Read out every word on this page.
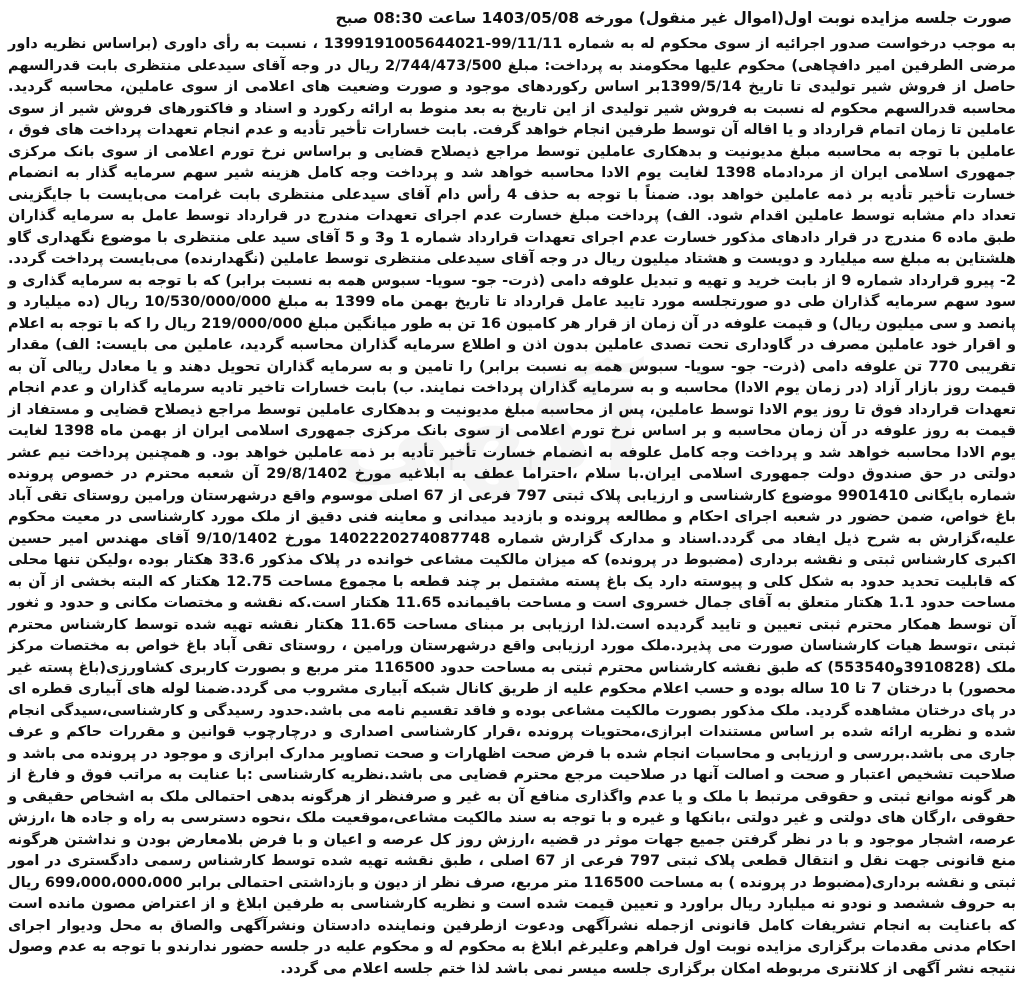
صورت جلسه مزایده نوبت اول(اموال غیر منقول) مورخه 1403/05/08 ساعت 08:30 صبح

به موجب درخواست صدور اجرائیه از سوی محکوم له به شماره 139919100564402‪1‬-99/11/11 ، نسبت به رأی داوری (براساس نظریه داور مرضی الطرفین امیر دافچاهی) محکوم علیها محکومند به پرداخت: مبلغ 2/744/473/500 ریال در وجه آقای سیدعلی منتظری بابت قدرالسهم حاصل از فروش شیر تولیدی تا تاریخ 1399/5/14بر اساس رکوردهای موجود و صورت وضعیت های اعلامی از سوی عاملین، محاسبه گردید. محاسبه قدرالسهم محکوم له نسبت به فروش شیر تولیدی از این تاریخ به بعد منوط به ارائه رکورد و اسناد و فاکتورهای فروش شیر از سوی عاملین تا زمان اتمام قرارداد و یا اقاله آن توسط طرفین انجام خواهد گرفت. بابت خسارات تأخیر تأدیه و عدم انجام تعهدات پرداخت های فوق ، عاملین با توجه به محاسبه مبلغ مدیونیت و بدهکاری عاملین توسط مراجع ذیصلاح قضایی و براساس نرخ تورم اعلامی از سوی بانک مرکزی جمهوری اسلامی ایران از مردادماه 1398 لغایت یوم الادا محاسبه خواهد شد و پرداخت وجه کامل هزینه شیر سهم سرمایه گذار به انضمام خسارت تأخیر تأدیه بر ذمه عاملین خواهد بود. ضمناً با توجه به حذف 4 رأس دام آقای سیدعلی منتظری بابت غرامت می‌بایست با جایگزینی تعداد دام مشابه توسط عاملین اقدام شود. الف) پرداخت مبلغ خسارت عدم اجرای تعهدات مندرج در قرارداد توسط عامل به سرمایه گذاران طبق ماده 6 مندرج در قرار دادهای مذکور خسارت عدم اجرای تعهدات قرارداد شماره 1 و3 و 5 آقای سید علی منتظری با موضوع نگهداری گاو هلشتاین به مبلغ سه میلیارد و دویست و هشتاد میلیون ریال در وجه آقای سیدعلی منتظری توسط عاملین (نگهدارنده) می‌بایست پرداخت گردد. 2- پیرو قرارداد شماره 9 از بابت خرید و تهیه و تبدیل علوفه دامی (ذرت- جو- سویا- سبوس همه به نسبت برابر) که با توجه به سرمایه گذاری و سود سهم سرمایه گذاران طی دو صورتجلسه مورد تایید عامل قرارداد تا تاریخ بهمن ماه 1399 به مبلغ 10/530/000/000 ریال (ده میلیارد و پانصد و سی میلیون ریال) و قیمت علوفه در آن زمان از قرار هر کامیون 16 تن به طور میانگین مبلغ 219/000/000 ریال را که با توجه به اعلام و اقرار خود عاملین مصرف در گاوداری تحت تصدی عاملین بدون اذن و اطلاع سرمایه گذاران محاسبه گردید، عاملین می بایست: الف) مقدار تقریبی 770 تن علوفه دامی (ذرت- جو- سویا- سبوس همه به نسبت برابر) را تامین و به سرمایه گذاران تحویل دهند و یا معادل ریالی آن به قیمت روز بازار آزاد (در زمان یوم الادا) محاسبه و به سرمایه گذاران پرداخت نمایند. ب) بابت خسارات تاخیر تادیه سرمایه گذاران و عدم انجام تعهدات قرارداد فوق تا روز یوم الادا توسط عاملین، پس از محاسبه مبلغ مدیونیت و بدهکاری عاملین توسط مراجع ذیصلاح قضایی و مستفاد از قیمت به روز علوفه در آن زمان محاسبه و بر اساس نرخ تورم اعلامی از سوی بانک مرکزی جمهوری اسلامی ایران از بهمن ماه 1398 لغایت یوم الادا محاسبه خواهد شد و پرداخت وجه کامل علوفه به انضمام خسارت تأخیر تأدیه بر ذمه عاملین خواهد بود. و همچنین پرداخت نیم عشر دولتی در حق صندوق دولت جمهوری اسلامی ایران.با سلام ،احتراما عطف به ابلاغیه مورخ 29/8/1402 آن شعبه محترم در خصوص پرونده شماره بایگانی 9901410 موضوع کارشناسی و ارزیابی پلاک ثبتی 797 فرعی از 67 اصلی موسوم واقع درشهرستان ورامین روستای تقی آباد باغ خواص، ضمن حضور در شعبه اجرای احکام و مطالعه پرونده و بازدید میدانی و معاینه فنی دقیق از ملک مورد کارشناسی در معیت محکوم علیه،گزارش به شرح ذیل ایفاد می گردد.اسناد و مدارک گزارش شماره 140222027408774‪8‬ مورخ 9/10/1402 آقای مهندس امیر حسین اکبری کارشناس ثبتی و نقشه برداری (مضبوط در پرونده) که میزان مالکیت مشاعی خوانده در پلاک مذکور 33.6 هکتار بوده ،ولیکن تنها محلی که قابلیت تحدید حدود به شکل کلی و پیوسته دارد یک باغ پسته مشتمل بر چند قطعه با مجموع مساحت 12.75 هکتار که البته بخشی از آن به مساحت حدود 1.1 هکتار متعلق به آقای جمال خسروی است و مساحت باقیمانده 11.65 هکتار است.که نقشه و مختصات مکانی و حدود و ثغور آن توسط همکار محترم ثبتی تعیین و تایید گردیده است.لذا ارزیابی بر مبنای مساحت 11.65 هکتار نقشه تهیه شده توسط کارشناس محترم ثبتی ،توسط هیات کارشناسان صورت می پذیرد.ملک مورد ارزیابی واقع درشهرستان ورامین ، روستای تقی آباد باغ خواص به مختصات مرکز ملک (3910828و553540) که طبق نقشه کارشناس محترم ثبتی به مساحت حدود 116500 متر مربع و بصورت کاربری کشاورزی(باغ پسته غیر محصور) با درختان 7 تا 10 ساله بوده و حسب اعلام محکوم علیه از طریق کانال شبکه آبیاری مشروب می گردد.ضمنا لوله های آبیاری قطره ای در پای درختان مشاهده گردید. ملک مذکور بصورت مالکیت مشاعی بوده و فاقد تقسیم نامه می باشد.حدود رسیدگی و کارشناسی،سیدگی انجام شده و نظریه ارائه شده بر اساس مستندات ابرازی،محتویات پرونده ،قرار کارشناسی اصداری و درچارچوب قوانین و مقررات حاکم و عرف جاری می باشد.بررسی و ارزیابی و محاسبات انجام شده با فرض صحت اظهارات و صحت تصاویر مدارک ابرازی و موجود در پرونده می باشد و صلاحیت تشخیص اعتبار و صحت و اصالت آنها در صلاحیت مرجع محترم قضایی می باشد.نظریه کارشناسی :با عنایت به مراتب فوق و فارغ از هر گونه موانع ثبتی و حقوقی مرتبط با ملک و یا عدم واگذاری منافع آن به غیر و صرفنظر از هرگونه بدهی احتمالی ملک به اشخاص حقیقی و حقوقی ،ارگان های دولتی و غیر دولتی ،بانکها و غیره و با توجه به سند مالکیت مشاعی،موقعیت ملک ،نحوه دسترسی به راه و جاده ها ،ارزش عرصه، اشجار موجود و با در نظر گرفتن جمیع جهات موثر در قضیه ،ارزش روز کل عرصه و اعیان و با فرض بلامعارض بودن و نداشتن هرگونه منع قانونی جهت نقل و انتقال قطعی پلاک ثبتی 797 فرعی از 67 اصلی ، طبق نقشه تهیه شده توسط کارشناس رسمی دادگستری در امور ثبتی و نقشه برداری(مضبوط در پرونده ) به مساحت 116500 متر مربع، صرف نظر از دیون و بازداشتی احتمالی برابر 699،000،000،000 ریال به حروف ششصد و نودو نه میلیارد ریال براورد و تعیین قیمت شده است و نظریه کارشناسی به طرفین ابلاغ و از اعتراض مصون مانده است که باعنایت به انجام تشریفات کامل قانونی ازجمله نشرآگهی ودعوت ازطرفین ونماینده دادستان ونشرآگهی والصاق به محل ودیوار اجرای احکام مدنی مقدمات برگزاری مزایده نوبت اول فراهم وعلیرغم ابلاغ به محکوم له و محکوم علیه در جلسه حضور ندارندو با توجه به عدم وصول نتیجه نشر آگهی از کلانتری مربوطه امکان برگزاری جلسه میسر نمی باشد لذا ختم جلسه اعلام می گردد.
